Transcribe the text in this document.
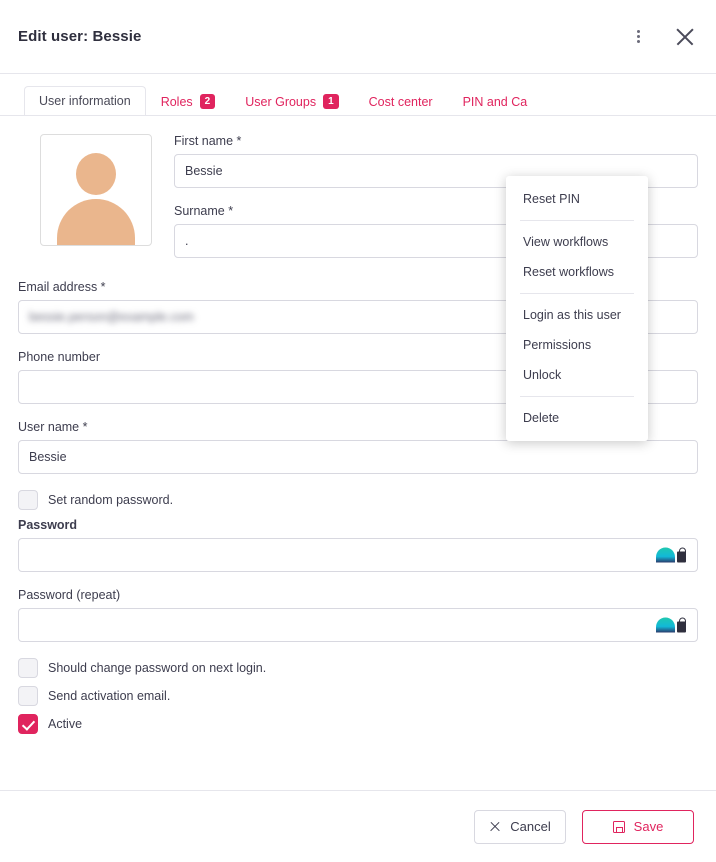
Edit user: Bessie
User information Roles	2	User Groups	1	Cost center PIN and Ca
First name *
Bessie
Surname *
.
Email address *
bessie.person@example.com
Phone number
User name *
Bessie
Set random password.
Password
Password (repeat)
Should change password on next login.
Send activation email.
Active
Reset PIN
View workflows
Reset workflows
Login as this user
Permissions
Unlock
Delete
Cancel	Save
